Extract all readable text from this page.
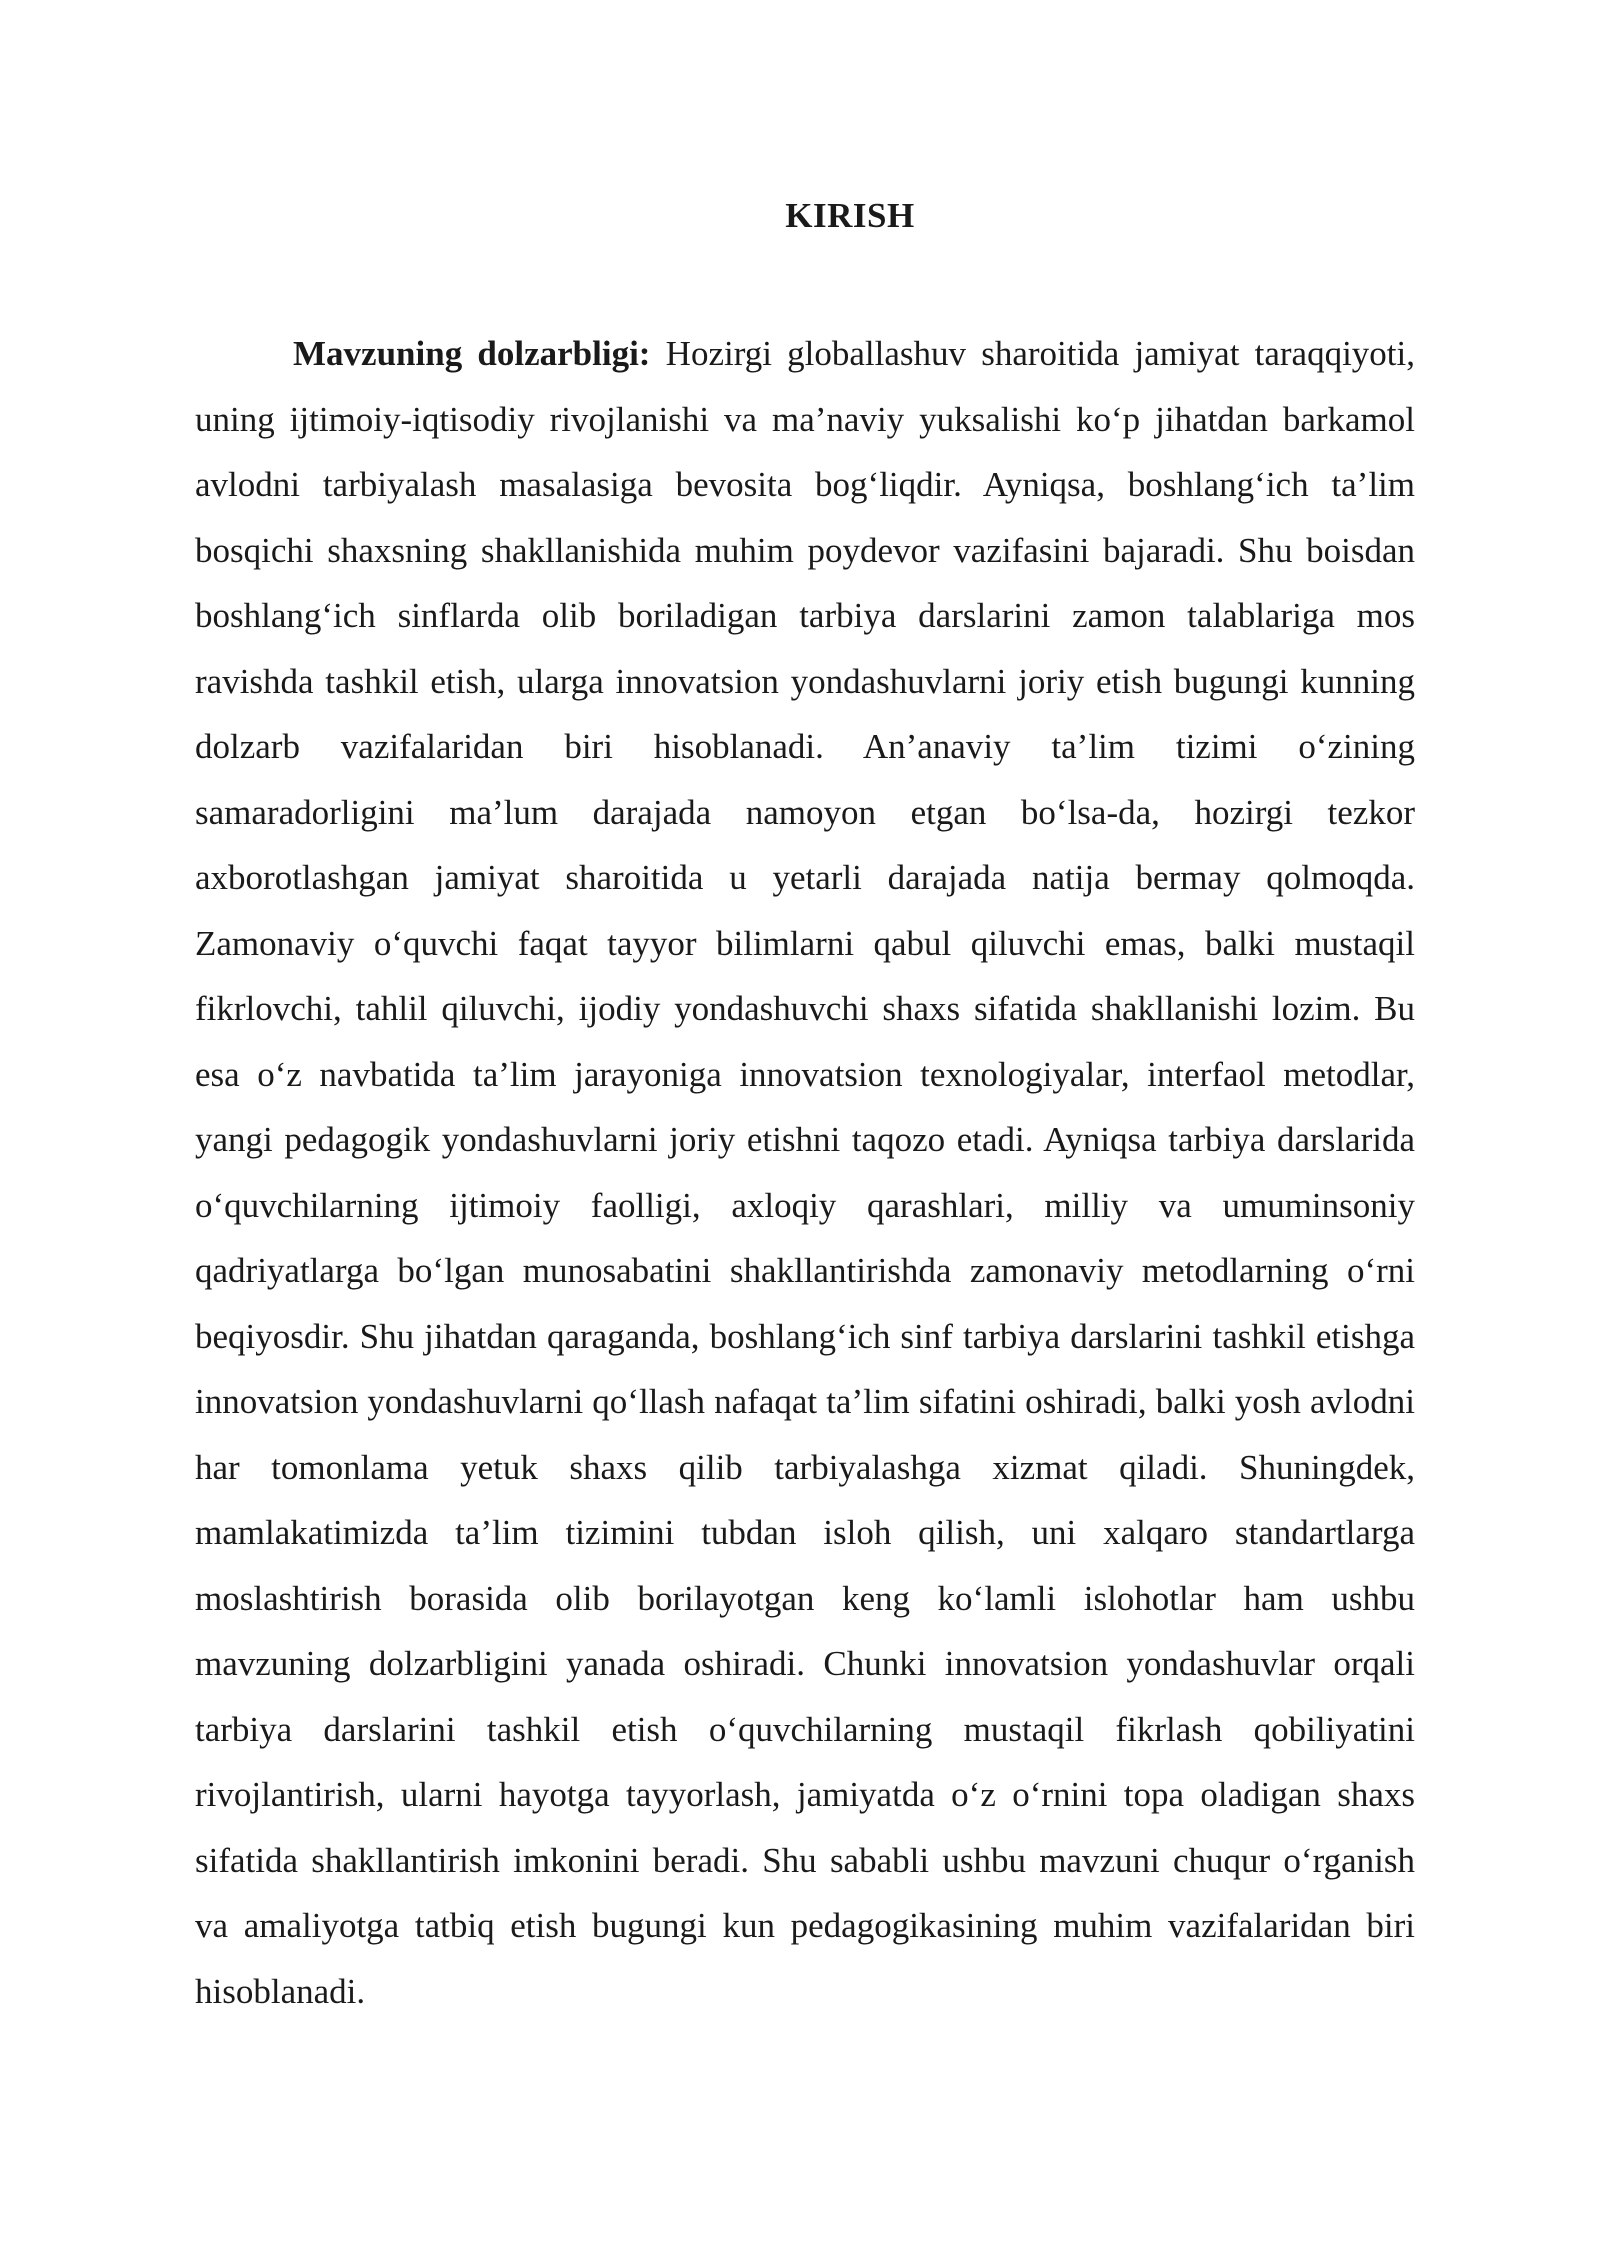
KIRISH

Mavzuning dolzarbligi: Hozirgi globallashuv sharoitida jamiyat taraqqiyoti, uning ijtimoiy-iqtisodiy rivojlanishi va ma’naviy yuksalishi ko‘p jihatdan barkamol avlodni tarbiyalash masalasiga bevosita bog‘liqdir. Ayniqsa, boshlang‘ich ta’lim bosqichi shaxsning shakllanishida muhim poydevor vazifasini bajaradi. Shu boisdan boshlang‘ich sinflarda olib boriladigan tarbiya darslarini zamon talablariga mos ravishda tashkil etish, ularga innovatsion yondashuvlarni joriy etish bugungi kunning dolzarb vazifalaridan biri hisoblanadi. An’anaviy ta’lim tizimi o‘zining samaradorligini ma’lum darajada namoyon etgan bo‘lsa-da, hozirgi tezkor axborotlashgan jamiyat sharoitida u yetarli darajada natija bermay qolmoqda. Zamonaviy o‘quvchi faqat tayyor bilimlarni qabul qiluvchi emas, balki mustaqil fikrlovchi, tahlil qiluvchi, ijodiy yondashuvchi shaxs sifatida shakllanishi lozim. Bu esa o‘z navbatida ta’lim jarayoniga innovatsion texnologiyalar, interfaol metodlar, yangi pedagogik yondashuvlarni joriy etishni taqozo etadi. Ayniqsa tarbiya darslarida o‘quvchilarning ijtimoiy faolligi, axloqiy qarashlari, milliy va umuminsoniy qadriyatlarga bo‘lgan munosabatini shakllantirishda zamonaviy metodlarning o‘rni beqiyosdir. Shu jihatdan qaraganda, boshlang‘ich sinf tarbiya darslarini tashkil etishga innovatsion yondashuvlarni qo‘llash nafaqat ta’lim sifatini oshiradi, balki yosh avlodni har tomonlama yetuk shaxs qilib tarbiyalashga xizmat qiladi. Shuningdek, mamlakatimizda ta’lim tizimini tubdan isloh qilish, uni xalqaro standartlarga moslashtirish borasida olib borilayotgan keng ko‘lamli islohotlar ham ushbu mavzuning dolzarbligini yanada oshiradi. Chunki innovatsion yondashuvlar orqali tarbiya darslarini tashkil etish o‘quvchilarning mustaqil fikrlash qobiliyatini rivojlantirish, ularni hayotga tayyorlash, jamiyatda o‘z o‘rnini topa oladigan shaxs sifatida shakllantirish imkonini beradi. Shu sababli ushbu mavzuni chuqur o‘rganish va amaliyotga tatbiq etish bugungi kun pedagogikasining muhim vazifalaridan biri hisoblanadi.
